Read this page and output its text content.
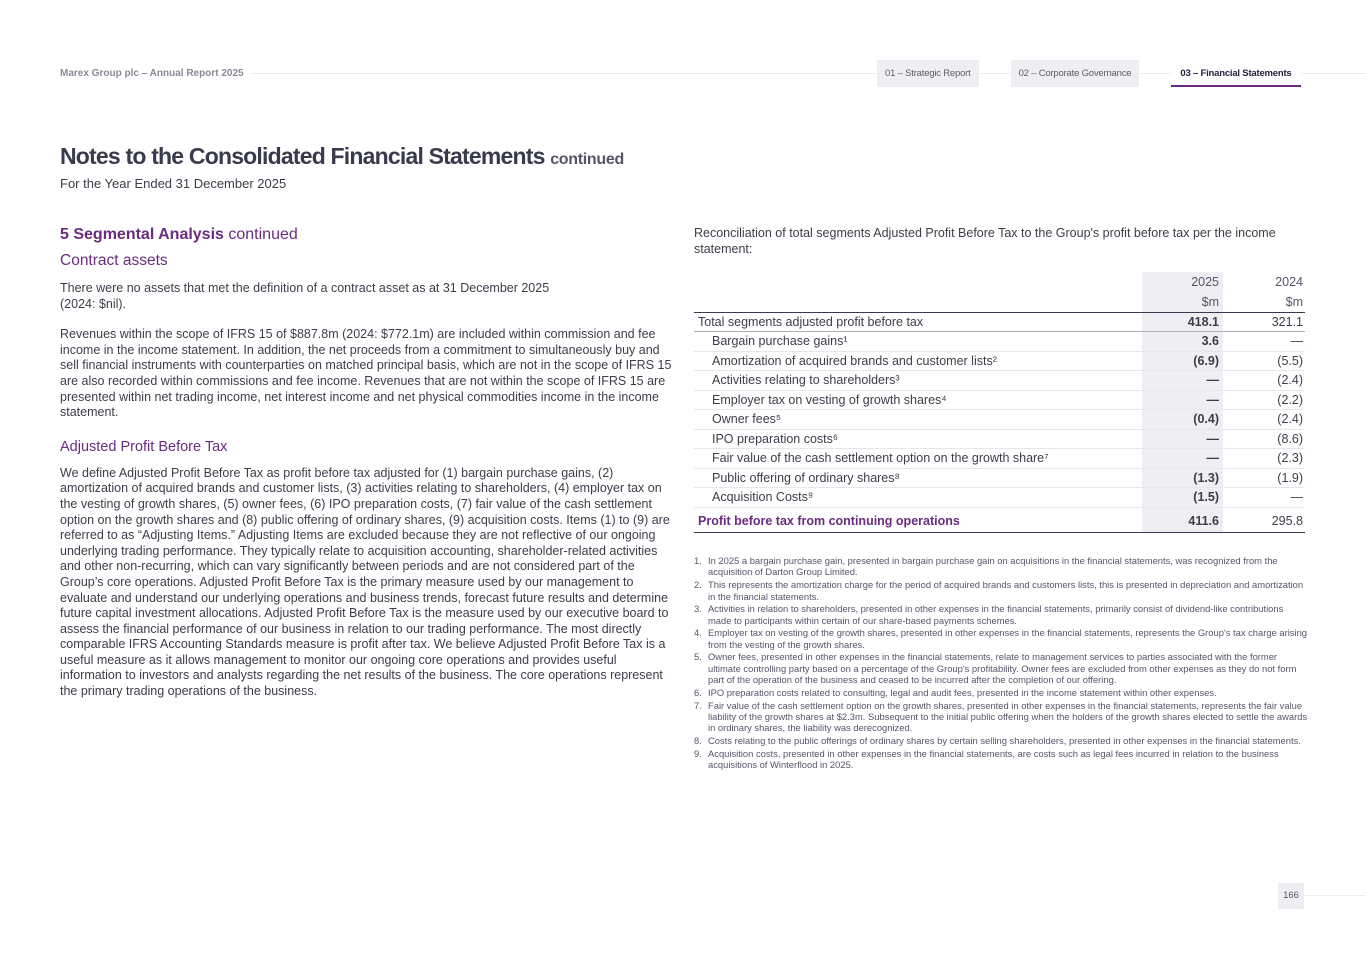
Marex Group plc – Annual Report 2025	01 – Strategic Report	02 – Corporate Governance	03 – Financial Statements
Notes to the Consolidated Financial Statements continued
For the Year Ended 31 December 2025
5 Segmental Analysis continued
Contract assets

There were no assets that met the definition of a contract asset as at 31 December 2025
(2024: $nil).

Revenues within the scope of IFRS 15 of $887.8m (2024: $772.1m) are included within commission and fee income in the income statement. In addition, the net proceeds from a commitment to simultaneously buy and sell financial instruments with counterparties on matched principal basis, which are not in the scope of IFRS 15 are also recorded within commissions and fee income. Revenues that are not within the scope of IFRS 15 are presented within net trading income, net interest income and net physical commodities income in the income statement.

Adjusted Profit Before Tax

We define Adjusted Profit Before Tax as profit before tax adjusted for (1) bargain purchase gains, (2) amortization of acquired brands and customer lists, (3) activities relating to shareholders, (4) employer tax on the vesting of growth shares, (5) owner fees, (6) IPO preparation costs, (7) fair value of the cash settlement option on the growth shares and (8) public offering of ordinary shares, (9) acquisition costs. Items (1) to (9) are referred to as “Adjusting Items.” Adjusting Items are excluded because they are not reflective of our ongoing underlying trading performance. They typically relate to acquisition accounting, shareholder-related activities and other non-recurring, which can vary significantly between periods and are not considered part of the Group’s core operations. Adjusted Profit Before Tax is the primary measure used by our management to evaluate and understand our underlying operations and business trends, forecast future results and determine future capital investment allocations. Adjusted Profit Before Tax is the measure used by our executive board to assess the financial performance of our business in relation to our trading performance. The most directly comparable IFRS Accounting Standards measure is profit after tax. We believe Adjusted Profit Before Tax is a useful measure as it allows management to monitor our ongoing core operations and provides useful information to investors and analysts regarding the net results of the business. The core operations represent the primary trading operations of the business.

Reconciliation of total segments Adjusted Profit Before Tax to the Group's profit before tax per the income statement:
	2025	2024
	$m	$m
Total segments adjusted profit before tax	418.1	321.1
Bargain purchase gains¹	3.6	—
Amortization of acquired brands and customer lists²	(6.9)	(5.5)
Activities relating to shareholders³	—	(2.4)
Employer tax on vesting of growth shares⁴	—	(2.2)
Owner fees⁵	(0.4)	(2.4)
IPO preparation costs⁶	—	(8.6)
Fair value of the cash settlement option on the growth share⁷	—	(2.3)
Public offering of ordinary shares⁸	(1.3)	(1.9)
Acquisition Costs⁹	(1.5)	—

Profit before tax from continuing operations	411.6	295.8
1. In 2025 a bargain purchase gain, presented in bargain purchase gain on acquisitions in the financial statements, was recognized from the acquisition of Darton Group Limited.
2. This represents the amortization charge for the period of acquired brands and customers lists, this is presented in depreciation and amortization in the financial statements.
3. Activities in relation to shareholders, presented in other expenses in the financial statements, primarily consist of dividend-like contributions made to participants within certain of our share-based payments schemes.
4. Employer tax on vesting of the growth shares, presented in other expenses in the financial statements, represents the Group's tax charge arising from the vesting of the growth shares.
5. Owner fees, presented in other expenses in the financial statements, relate to management services to parties associated with the former ultimate controlling party based on a percentage of the Group's profitability. Owner fees are excluded from other expenses as they do not form part of the operation of the business and ceased to be incurred after the completion of our offering.
6. IPO preparation costs related to consulting, legal and audit fees, presented in the income statement within other expenses.
7. Fair value of the cash settlement option on the growth shares, presented in other expenses in the financial statements, represents the fair value liability of the growth shares at $2.3m. Subsequent to the initial public offering when the holders of the growth shares elected to settle the awards in ordinary shares, the liability was derecognized.
8. Costs relating to the public offerings of ordinary shares by certain selling shareholders, presented in other expenses in the financial statements.
9. Acquisition costs, presented in other expenses in the financial statements, are costs such as legal fees incurred in relation to the business acquisitions of Winterflood in 2025.
166
